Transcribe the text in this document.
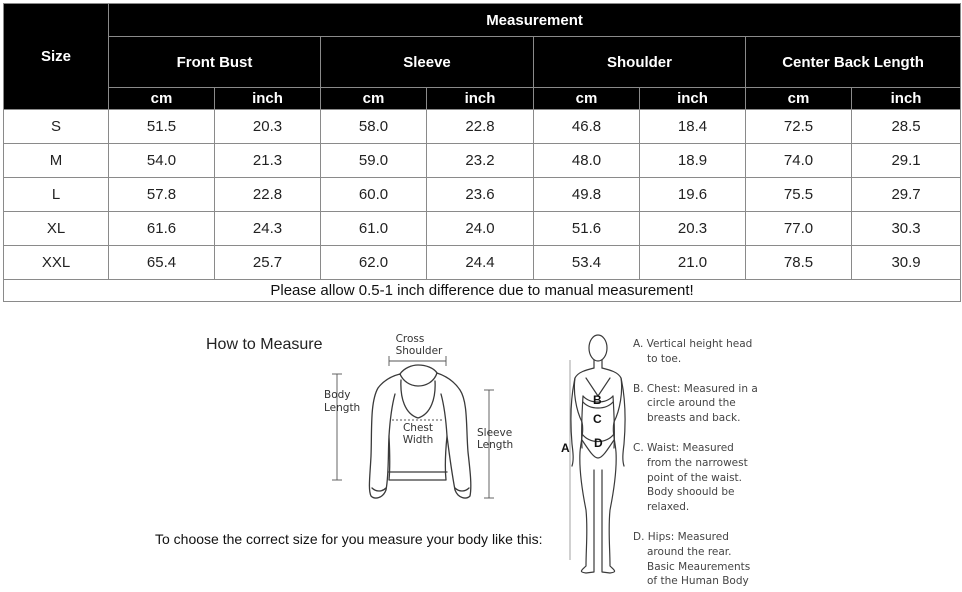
Size	Measurement							
	Front Bust		Sleeve		Shoulder		Center Back Length	
	cm	inch	cm	inch	cm	inch	cm	inch
S	51.5	20.3	58.0	22.8	46.8	18.4	72.5	28.5
M	54.0	21.3	59.0	23.2	48.0	18.9	74.0	29.1
L	57.8	22.8	60.0	23.6	49.8	19.6	75.5	29.7
XL	61.6	24.3	61.0	24.0	51.6	20.3	77.0	30.3
XXL	65.4	25.7	62.0	24.4	53.4	21.0	78.5	30.9
Please allow 0.5-1 inch difference due to manual measurement!								
How to Measure
To choose the correct size for you measure your body like this:
Cross
Shoulder
Body
Length
Chest
Width
Sleeve
Length	A
B
C
D
A. Vertical height head
to toe.
B. Chest: Measured in a
circle around the
breasts and back.
C. Waist: Measured
from the narrowest
point of the waist.
Body shoould be
relaxed.
D. Hips: Measured
around the rear.
Basic Meaurements
of the Human Body
